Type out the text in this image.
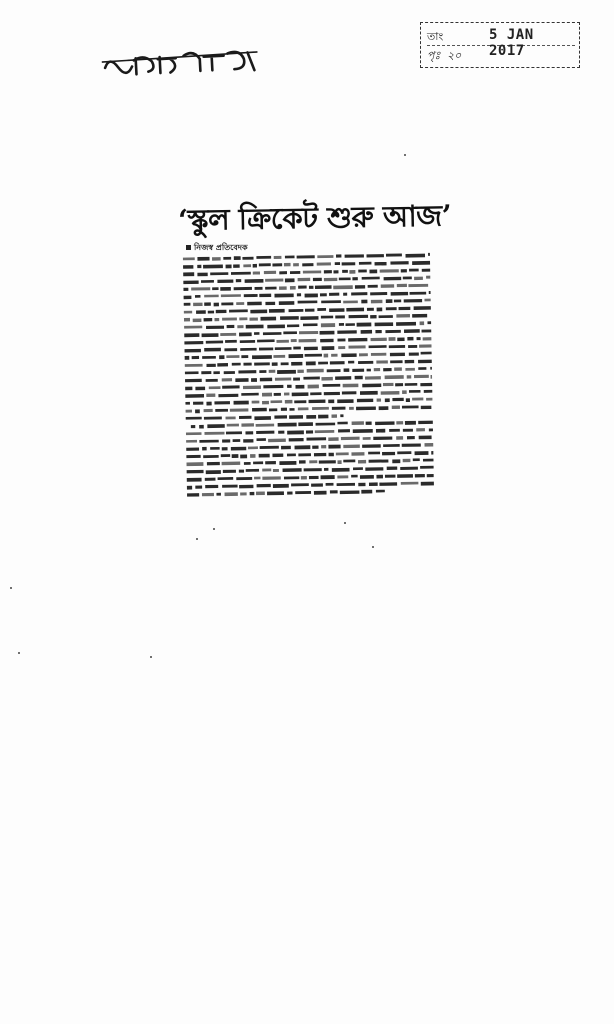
তাং	5 JAN 2017
পৃঃ ২০
‘স্কুল ক্রিকেট শুরু আজ’
নিজস্ব প্রতিবেদক
